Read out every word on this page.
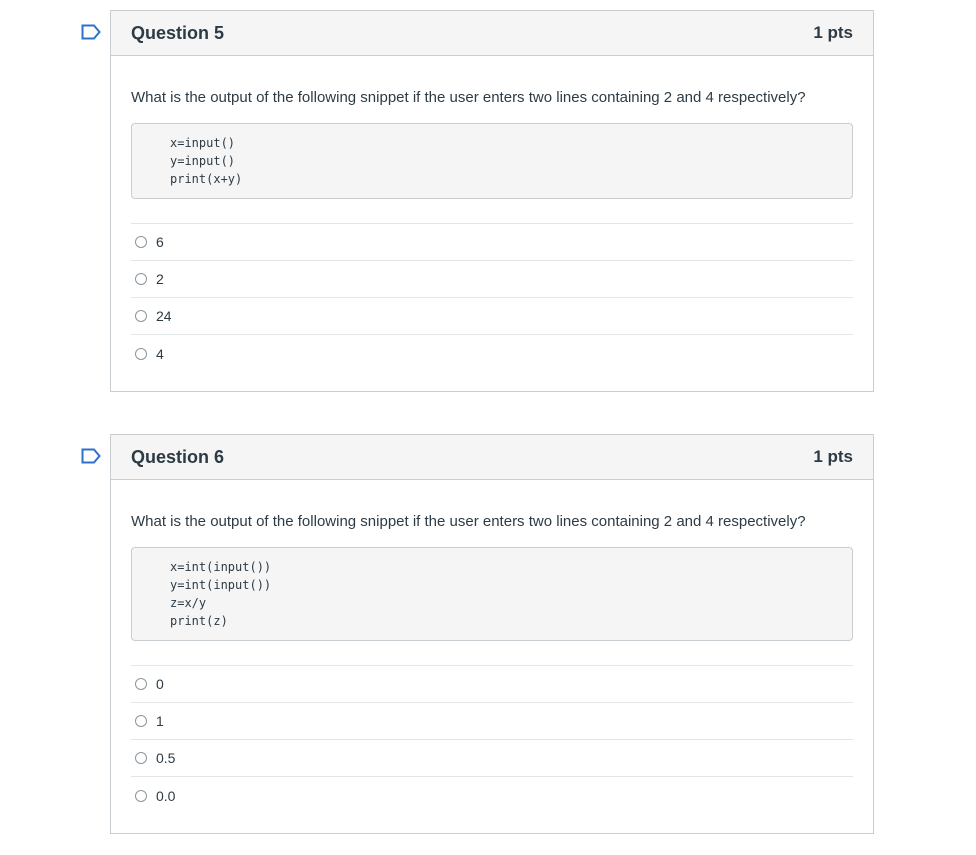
Question 5	1 pts

What is the output of the following snippet if the user enters two lines containing 2 and 4 respectively?

x=input()
y=input()
print(x+y)
6
2
24
4
Question 6	1 pts

What is the output of the following snippet if the user enters two lines containing 2 and 4 respectively?

x=int(input())
y=int(input())
z=x/y
print(z)
0
1
0.5
0.0
